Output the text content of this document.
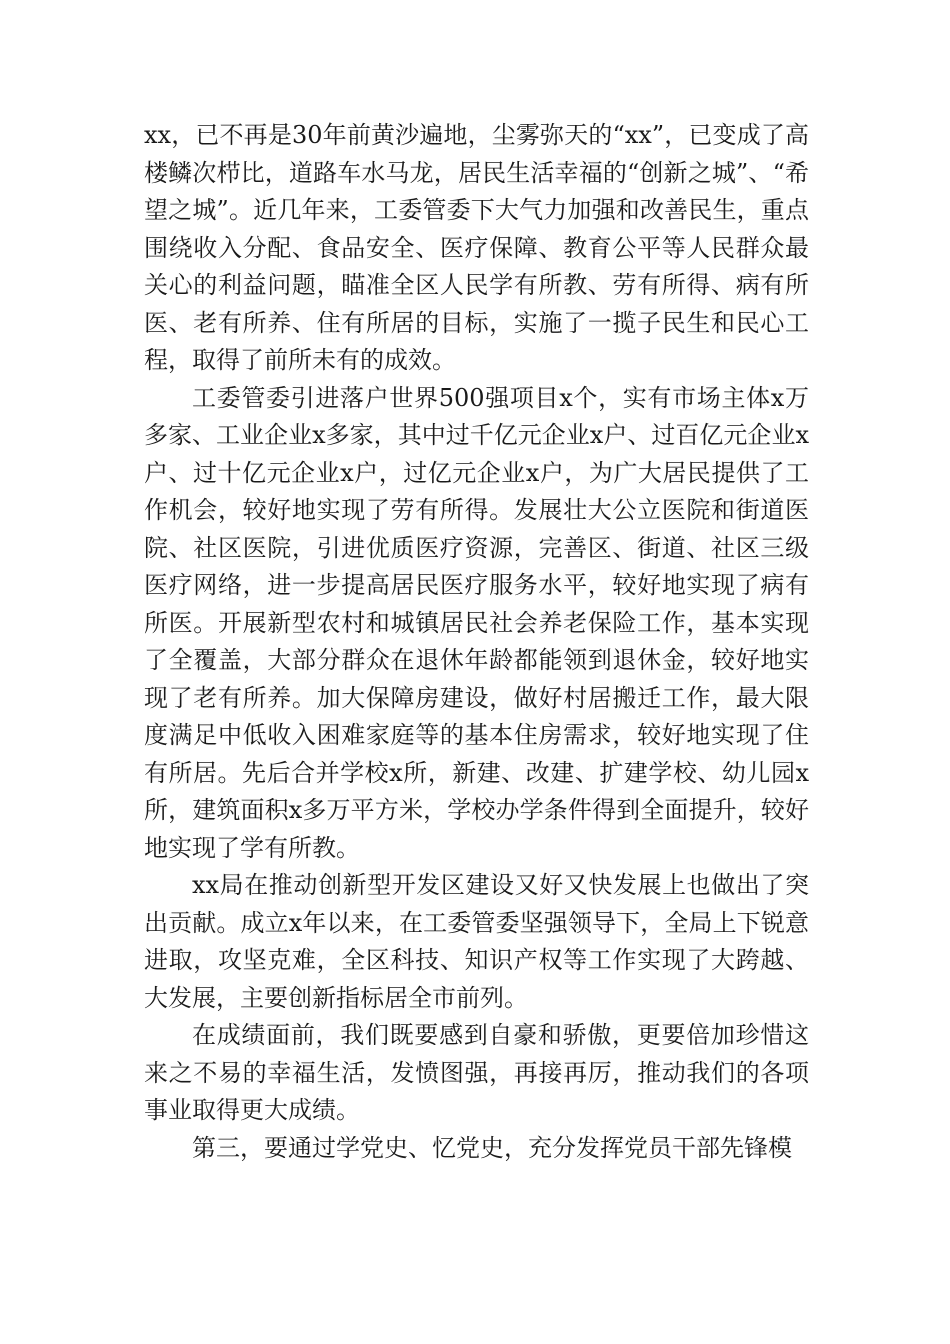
xx，已不再是30年前黄沙遍地，尘雾弥天的“xx”，已变成了高楼鳞次栉比，道路车水马龙，居民生活幸福的“创新之城”、“希望之城”。近几年来，工委管委下大气力加强和改善民生，重点围绕收入分配、食品安全、医疗保障、教育公平等人民群众最关心的利益问题，瞄准全区人民学有所教、劳有所得、病有所医、老有所养、住有所居的目标，实施了一揽子民生和民心工程，取得了前所未有的成效。

工委管委引进落户世界500强项目x个，实有市场主体x万多家、工业企业x多家，其中过千亿元企业x户、过百亿元企业x户、过十亿元企业x户，过亿元企业x户，为广大居民提供了工作机会，较好地实现了劳有所得。发展壮大公立医院和街道医院、社区医院，引进优质医疗资源，完善区、街道、社区三级医疗网络，进一步提高居民医疗服务水平，较好地实现了病有所医。开展新型农村和城镇居民社会养老保险工作，基本实现了全覆盖，大部分群众在退休年龄都能领到退休金，较好地实现了老有所养。加大保障房建设，做好村居搬迁工作，最大限度满足中低收入困难家庭等的基本住房需求，较好地实现了住有所居。先后合并学校x所，新建、改建、扩建学校、幼儿园x所，建筑面积x多万平方米，学校办学条件得到全面提升，较好地实现了学有所教。

xx局在推动创新型开发区建设又好又快发展上也做出了突出贡献。成立x年以来，在工委管委坚强领导下，全局上下锐意进取，攻坚克难，全区科技、知识产权等工作实现了大跨越、大发展，主要创新指标居全市前列。

在成绩面前，我们既要感到自豪和骄傲，更要倍加珍惜这来之不易的幸福生活，发愤图强，再接再厉，推动我们的各项事业取得更大成绩。

第三，要通过学党史、忆党史，充分发挥党员干部先锋模
